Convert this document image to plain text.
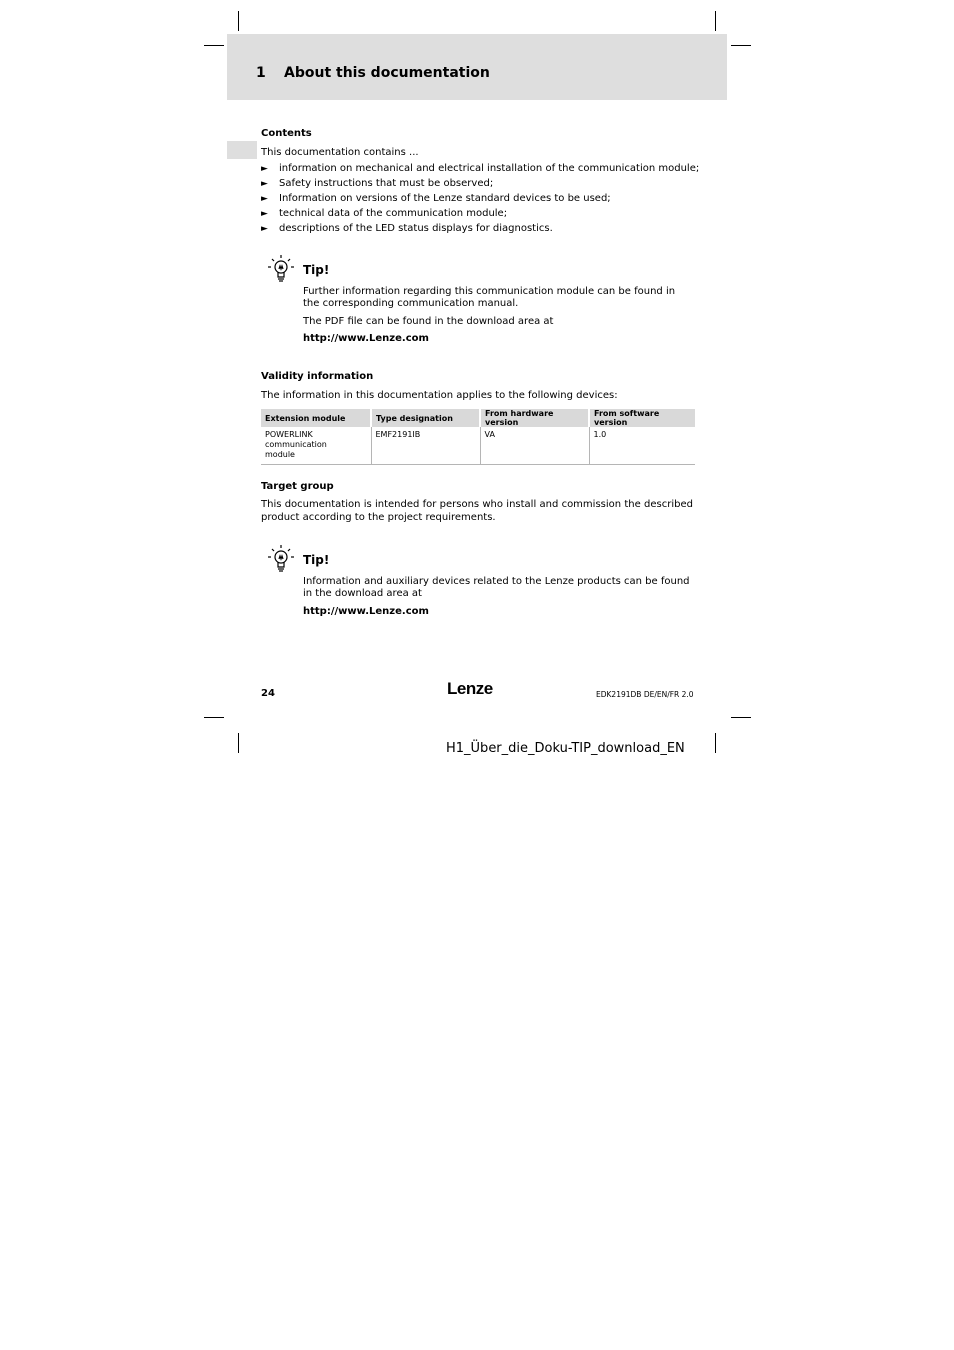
1 About this documentation
Contents
This documentation contains ...
► information on mechanical and electrical installation of the communication module;
► Safety instructions that must be observed;
► Information on versions of the Lenze standard devices to be used;
► technical data of the communication module;
► descriptions of the LED status displays for diagnostics.
Tip!
Further information regarding this communication module can be found in
the corresponding communication manual.
The PDF file can be found in the download area at
http://www.Lenze.com
Validity information
The information in this documentation applies to the following devices:
Extension module	Type designation	From hardware version	From software version

POWERLINK
communication
module	EMF2191IB	VA	1.0
Target group
This documentation is intended for persons who install and commission the described
product according to the project requirements.
Tip!
Information and auxiliary devices related to the Lenze products can be found
in the download area at
http://www.Lenze.com
24	Lenze	EDK2191DB DE/EN/FR 2.0
H1_Über_die_Doku-TIP_download_EN
